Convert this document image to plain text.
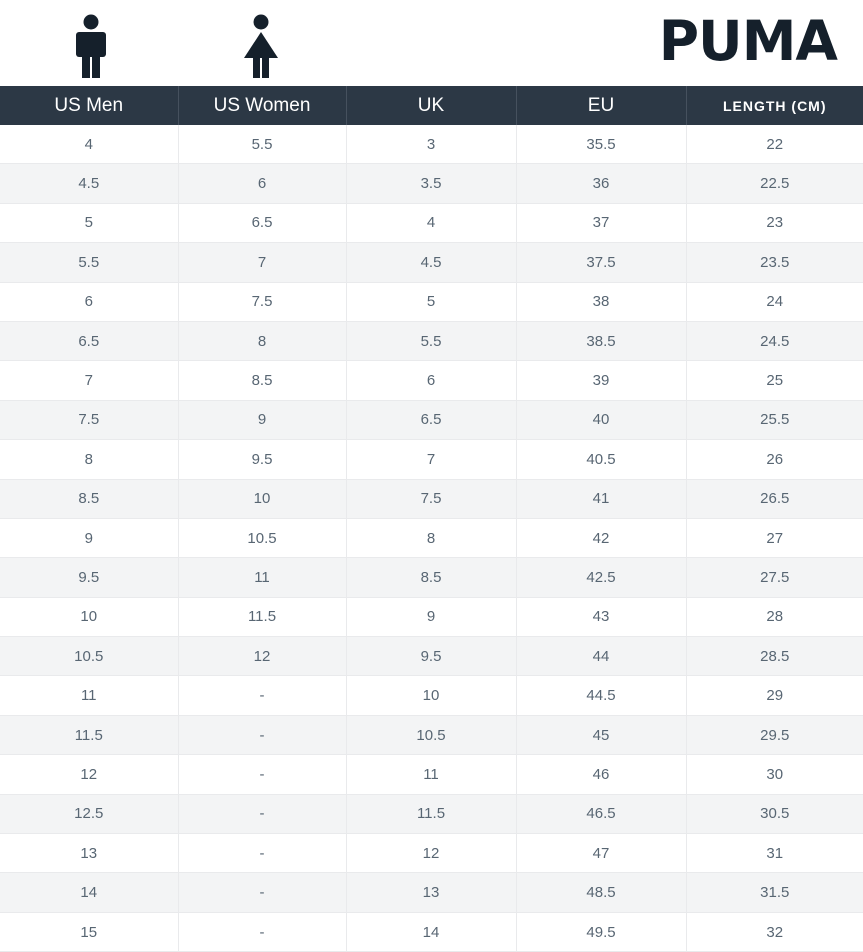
PUMA
US Men	US Women	UK	EU	LENGTH (CM)
4	5.5	3	35.5	22
4.5	6	3.5	36	22.5
5	6.5	4	37	23
5.5	7	4.5	37.5	23.5
6	7.5	5	38	24
6.5	8	5.5	38.5	24.5
7	8.5	6	39	25
7.5	9	6.5	40	25.5
8	9.5	7	40.5	26
8.5	10	7.5	41	26.5
9	10.5	8	42	27
9.5	11	8.5	42.5	27.5
10	11.5	9	43	28
10.5	12	9.5	44	28.5
11	-	10	44.5	29
11.5	-	10.5	45	29.5
12	-	11	46	30
12.5	-	11.5	46.5	30.5
13	-	12	47	31
14	-	13	48.5	31.5
15	-	14	49.5	32
